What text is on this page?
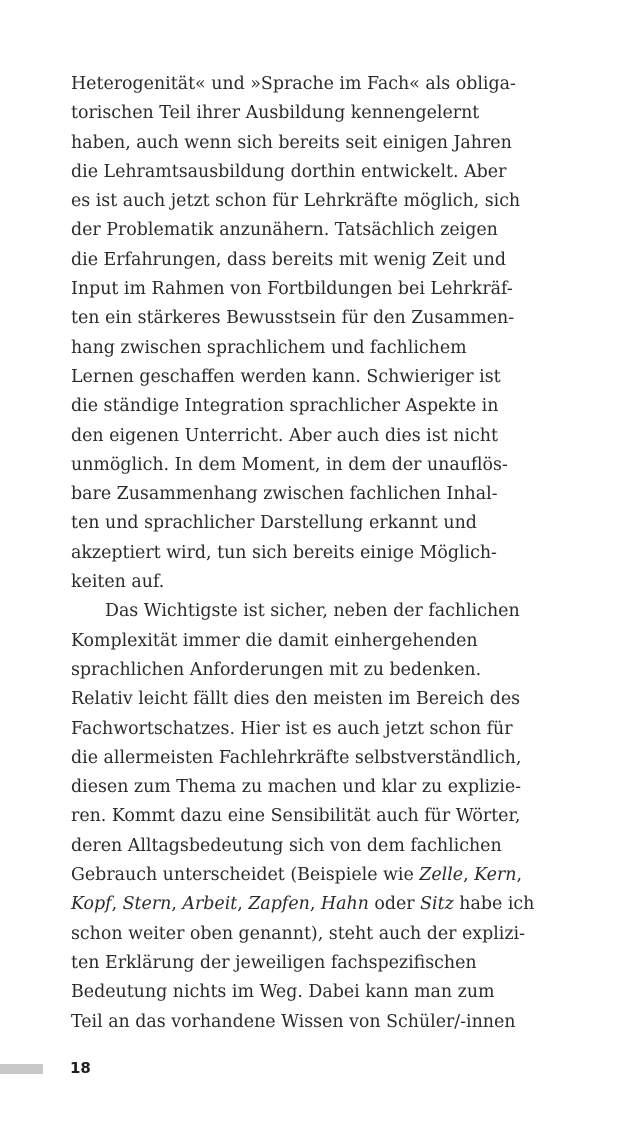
Heterogenität« und »Sprache im Fach« als obliga-
torischen Teil ihrer Ausbildung kennengelernt
haben, auch wenn sich bereits seit einigen Jahren
die Lehramtsausbildung dorthin entwickelt. Aber
es ist auch jetzt schon für Lehrkräfte möglich, sich
der Problematik anzunähern. Tatsächlich zeigen
die Erfahrungen, dass bereits mit wenig Zeit und
Input im Rahmen von Fortbildungen bei Lehrkräf-
ten ein stärkeres Bewusstsein für den Zusammen-
hang zwischen sprachlichem und fachlichem
Lernen geschaffen werden kann. Schwieriger ist
die ständige Integration sprachlicher Aspekte in
den eigenen Unterricht. Aber auch dies ist nicht
unmöglich. In dem Moment, in dem der unauflös-
bare Zusammenhang zwischen fachlichen Inhal-
ten und sprachlicher Darstellung erkannt und
akzeptiert wird, tun sich bereits einige Möglich-
keiten auf.
Das Wichtigste ist sicher, neben der fachlichen
Komplexität immer die damit einhergehenden
sprachlichen Anforderungen mit zu bedenken.
Relativ leicht fällt dies den meisten im Bereich des
Fachwortschatzes. Hier ist es auch jetzt schon für
die allermeisten Fachlehrkräfte selbstverständlich,
diesen zum Thema zu machen und klar zu explizie-
ren. Kommt dazu eine Sensibilität auch für Wörter,
deren Alltagsbedeutung sich von dem fachlichen
Gebrauch unterscheidet (Beispiele wie Zelle, Kern,
Kopf, Stern, Arbeit, Zapfen, Hahn oder Sitz habe ich
schon weiter oben genannt), steht auch der explizi-
ten Erklärung der jeweiligen fachspezifischen
Bedeutung nichts im Weg. Dabei kann man zum
Teil an das vorhandene Wissen von Schüler/-innen
18
